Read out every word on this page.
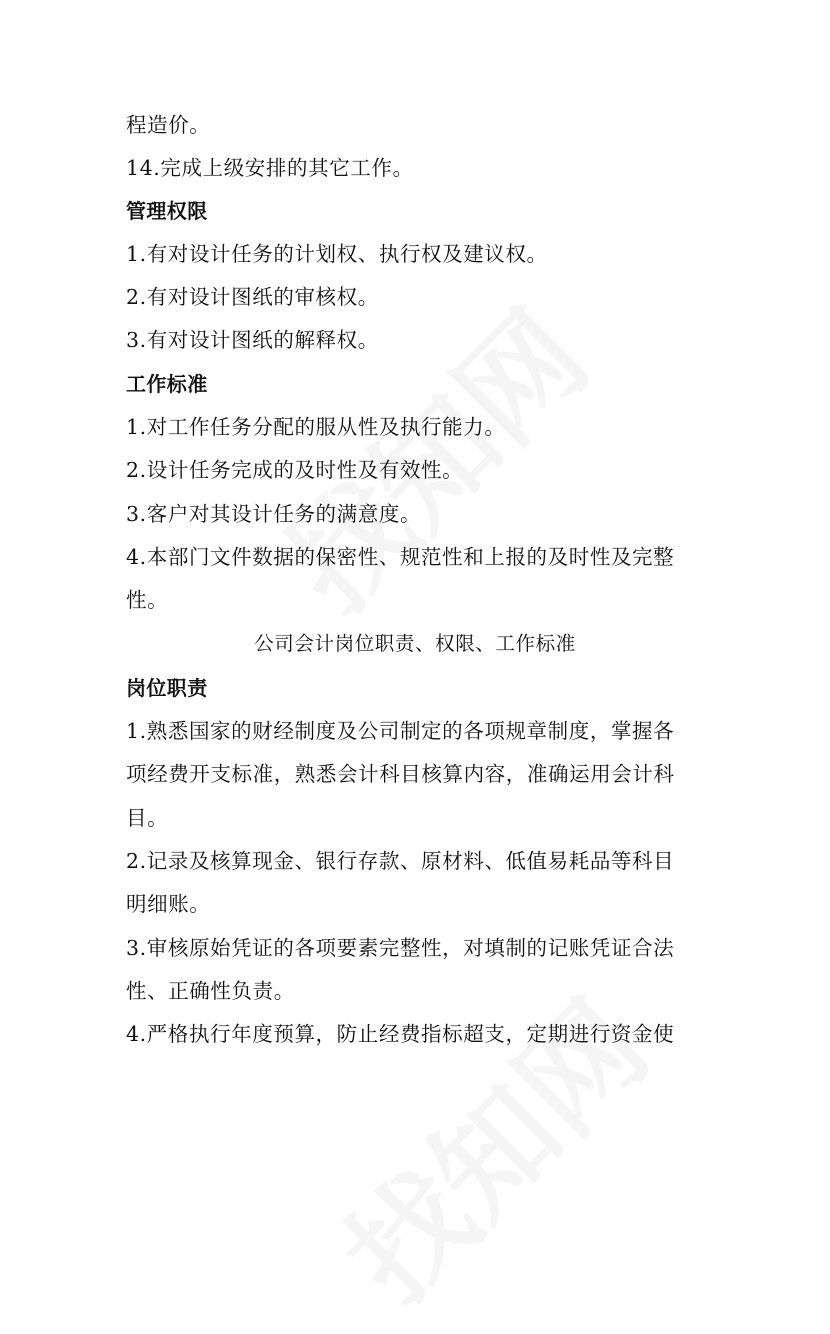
程造价。
14.完成上级安排的其它工作。
管理权限
1.有对设计任务的计划权、执行权及建议权。
2.有对设计图纸的审核权。
3.有对设计图纸的解释权。
工作标准
1.对工作任务分配的服从性及执行能力。
2.设计任务完成的及时性及有效性。
3.客户对其设计任务的满意度。
4.本部门文件数据的保密性、规范性和上报的及时性及完整
性。
公司会计岗位职责、权限、工作标准
岗位职责
1.熟悉国家的财经制度及公司制定的各项规章制度，掌握各
项经费开支标准，熟悉会计科目核算内容，准确运用会计科
目。
2.记录及核算现金、银行存款、原材料、低值易耗品等科目
明细账。
3.审核原始凭证的各项要素完整性，对填制的记账凭证合法
性、正确性负责。
4.严格执行年度预算，防止经费指标超支，定期进行资金使
